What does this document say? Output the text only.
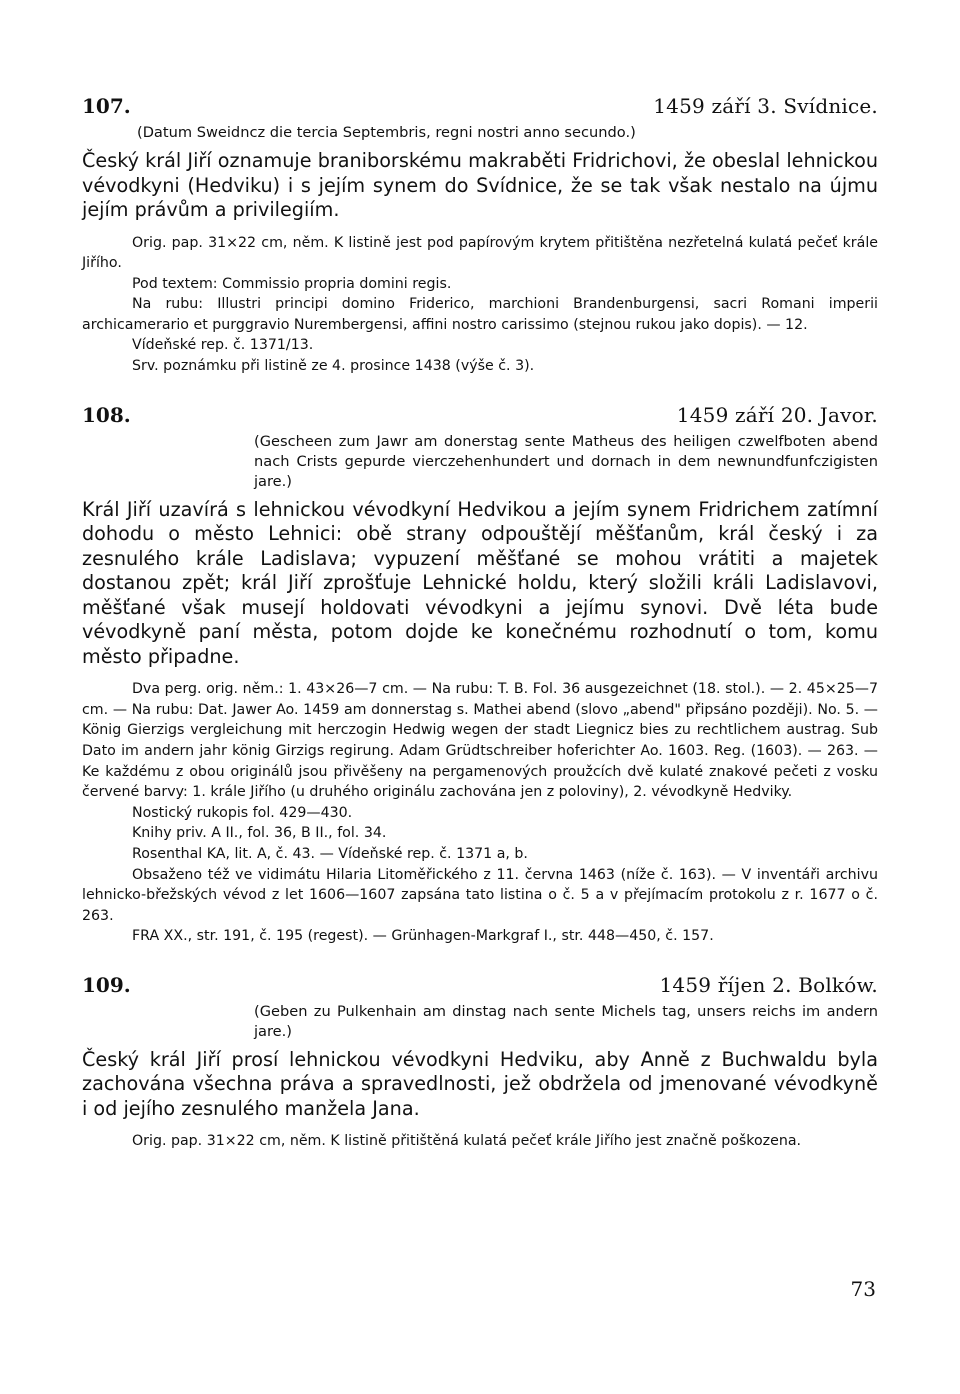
107.	1459 září 3. Svídnice.
(Datum Sweidncz die tercia Septembris, regni nostri anno secundo.)
Český král Jiří oznamuje braniborskému makraběti Fridrichovi, že obeslal lehnickou vévodkyni (Hedviku) i s jejím synem do Svídnice, že se tak však nestalo na újmu jejím právům a privilegiím.

Orig. pap. 31×22 cm, něm. K listině jest pod papírovým krytem přitištěna nezřetelná kulatá pečeť krále Jiřího.

Pod textem: Commissio propria domini regis.

Na rubu: Illustri principi domino Friderico, marchioni Brandenburgensi, sacri Romani imperii archicamerario et purggravio Nurembergensi, affini nostro carissimo (stejnou rukou jako dopis). — 12.

Vídeňské rep. č. 1371/13.

Srv. poznámku při listině ze 4. prosince 1438 (výše č. 3).

108.	1459 září 20. Javor.
(Gescheen zum Jawr am donerstag sente Matheus des heiligen czwelfboten abend nach Crists gepurde vierczehenhundert und dornach in dem newnundfunfczigisten jare.)
Král Jiří uzavírá s lehnickou vévodkyní Hedvikou a jejím synem Fridrichem zatímní dohodu o město Lehnici: obě strany odpouštějí měšťanům, král český i za zesnulého krále Ladislava; vypuzení měšťané se mohou vrátiti a majetek dostanou zpět; král Jiří zprošťuje Lehnické holdu, který složili králi Ladislavovi, měšťané však musejí holdovati vévodkyni a jejímu synovi. Dvě léta bude vévodkyně paní města, potom dojde ke konečnému rozhodnutí o tom, komu město připadne.

Dva perg. orig. něm.: 1. 43×26—7 cm. — Na rubu: T. B. Fol. 36 ausgezeichnet (18. stol.). — 2. 45×25—7 cm. — Na rubu: Dat. Jawer Ao. 1459 am donnerstag s. Mathei abend (slovo „abend" připsáno později). No. 5. — König Gierzigs vergleichung mit herczogin Hedwig wegen der stadt Liegnicz bies zu rechtlichem austrag. Sub Dato im andern jahr könig Girzigs regirung. Adam Grüdtschreiber hoferichter Ao. 1603. Reg. (1603). — 263. — Ke každému z obou originálů jsou přivěšeny na pergamenových proužcích dvě kulaté znakové pečeti z vosku červené barvy: 1. krále Jiřího (u druhého originálu zachována jen z poloviny), 2. vévodkyně Hedviky.

Nostický rukopis fol. 429—430.

Knihy priv. A II., fol. 36, B II., fol. 34.

Rosenthal KA, lit. A, č. 43. — Vídeňské rep. č. 1371 a, b.

Obsaženo též ve vidimátu Hilaria Litoměřického z 11. června 1463 (níže č. 163). — V inventáři archivu lehnicko-břežských vévod z let 1606—1607 zapsána tato listina o č. 5 a v přejímacím protokolu z r. 1677 o č. 263.

FRA XX., str. 191, č. 195 (regest). — Grünhagen-Markgraf I., str. 448—450, č. 157.

109.	1459 říjen 2. Bolków.
(Geben zu Pulkenhain am dinstag nach sente Michels tag, unsers reichs im andern jare.)
Český král Jiří prosí lehnickou vévodkyni Hedviku, aby Anně z Buchwaldu byla zachována všechna práva a spravedlnosti, jež obdržela od jmenované vévodkyně i od jejího zesnulého manžela Jana.

Orig. pap. 31×22 cm, něm. K listině přitištěná kulatá pečeť krále Jiřího jest značně poškozena.

73
